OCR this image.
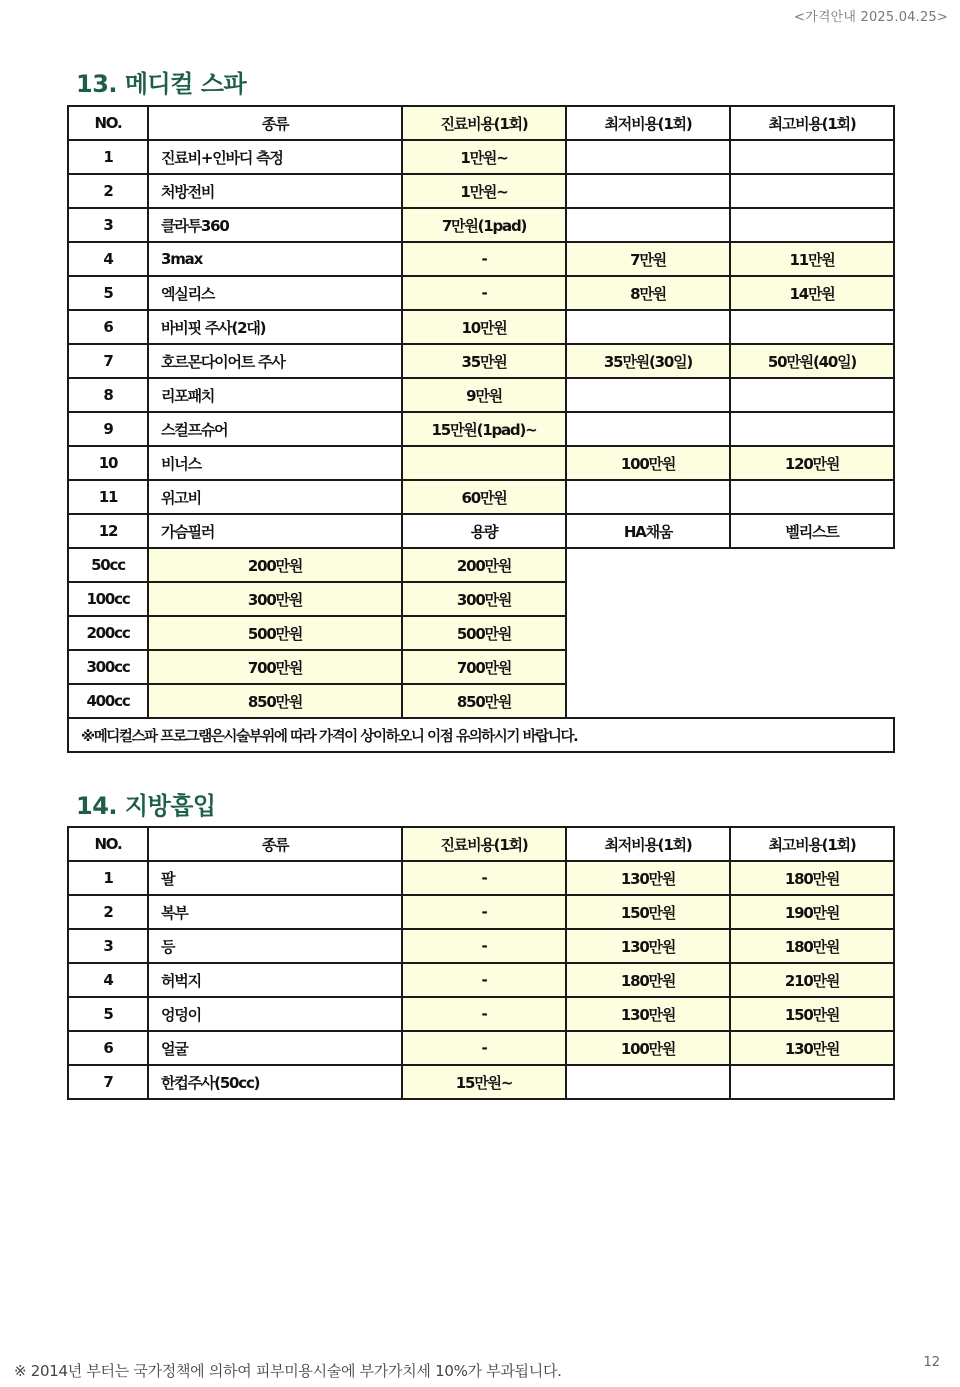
<가격안내 2025.04.25>
13. 메디컬 스파
NO.	종류	진료비용(1회)	최저비용(1회)	최고비용(1회)
1	진료비+인바디 측정	1만원~		
2	처방전비	1만원~		
3	클라투360	7만원(1pad)		
4	3max	-	7만원	11만원
5	엑실리스	-	8만원	14만원
6	바비핏 주사(2대)	10만원		
7	호르몬다이어트 주사	35만원	35만원(30일)	50만원(40일)
8	리포패치	9만원		
9	스컬프슈어	15만원(1pad)~		
10	비너스		100만원	120만원
11	위고비	60만원		
12	가슴필러	용량	HA채움	벨리스트
50cc	200만원	200만원		
100cc	300만원	300만원		
200cc	500만원	500만원		
300cc	700만원	700만원		
400cc	850만원	850만원		
※메디컬스파 프로그램은시술부위에 따라 가격이 상이하오니 이점 유의하시기 바랍니다.				
14. 지방흡입
NO.	종류	진료비용(1회)	최저비용(1회)	최고비용(1회)
1	팔	-	130만원	180만원
2	복부	-	150만원	190만원
3	등	-	130만원	180만원
4	허벅지	-	180만원	210만원
5	엉덩이	-	130만원	150만원
6	얼굴	-	100만원	130만원
7	한컵주사(50cc)	15만원~		
※ 2014년 부터는 국가정책에 의하여 피부미용시술에 부가가치세 10%가 부과됩니다.	12
